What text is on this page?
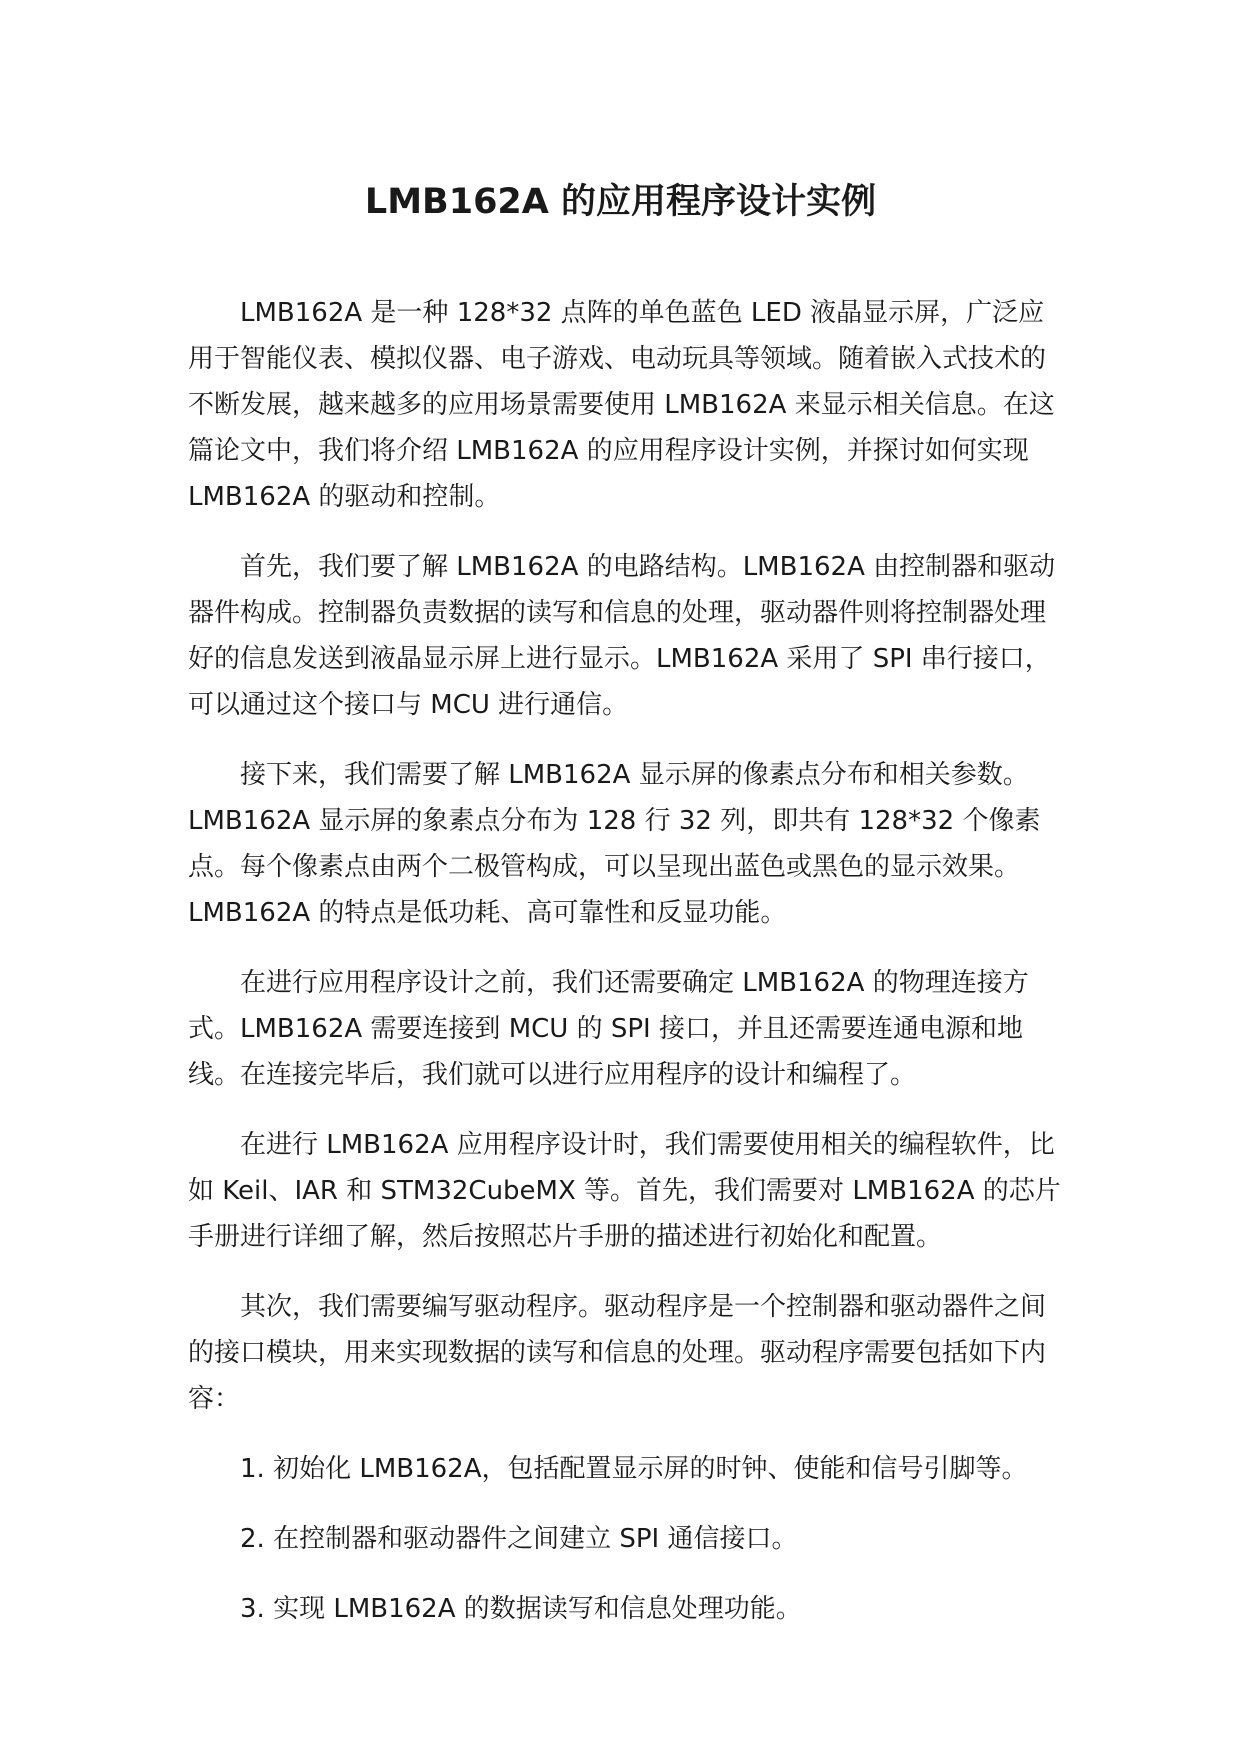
LMB162A 的应用程序设计实例

LMB162A 是一种 128*32 点阵的单色蓝色 LED 液晶显示屏，广泛应用于智能仪表、模拟仪器、电子游戏、电动玩具等领域。随着嵌入式技术的不断发展，越来越多的应用场景需要使用 LMB162A 来显示相关信息。在这篇论文中，我们将介绍 LMB162A 的应用程序设计实例，并探讨如何实现 LMB162A 的驱动和控制。

首先，我们要了解 LMB162A 的电路结构。LMB162A 由控制器和驱动器件构成。控制器负责数据的读写和信息的处理，驱动器件则将控制器处理好的信息发送到液晶显示屏上进行显示。LMB162A 采用了 SPI 串行接口，可以通过这个接口与 MCU 进行通信。

接下来，我们需要了解 LMB162A 显示屏的像素点分布和相关参数。LMB162A 显示屏的象素点分布为 128 行 32 列，即共有 128*32 个像素点。每个像素点由两个二极管构成，可以呈现出蓝色或黑色的显示效果。LMB162A 的特点是低功耗、高可靠性和反显功能。

在进行应用程序设计之前，我们还需要确定 LMB162A 的物理连接方式。LMB162A 需要连接到 MCU 的 SPI 接口，并且还需要连通电源和地线。在连接完毕后，我们就可以进行应用程序的设计和编程了。

在进行 LMB162A 应用程序设计时，我们需要使用相关的编程软件，比如 Keil、IAR 和 STM32CubeMX 等。首先，我们需要对 LMB162A 的芯片手册进行详细了解，然后按照芯片手册的描述进行初始化和配置。

其次，我们需要编写驱动程序。驱动程序是一个控制器和驱动器件之间的接口模块，用来实现数据的读写和信息的处理。驱动程序需要包括如下内容：

1. 初始化 LMB162A，包括配置显示屏的时钟、使能和信号引脚等。
2. 在控制器和驱动器件之间建立 SPI 通信接口。
3. 实现 LMB162A 的数据读写和信息处理功能。
